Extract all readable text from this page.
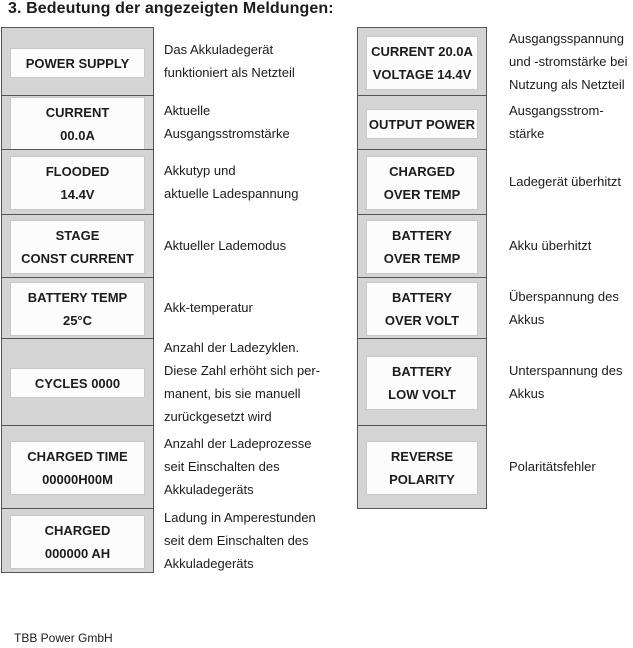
3. Bedeutung der angezeigten Meldungen:
POWER SUPPLY
Das Akkuladegerät
funktioniert als Netzteil
CURRENT
00.0A
Aktuelle
Ausgangsstromstärke
FLOODED
14.4V
Akkutyp und
aktuelle Ladespannung
STAGE
CONST CURRENT
Aktueller Lademodus
BATTERY TEMP
25°C
Akk-temperatur
CYCLES 0000
Anzahl der Ladezyklen.
Diese Zahl erhöht sich per-
manent, bis sie manuell
zurückgesetzt wird
CHARGED TIME
00000H00M
Anzahl der Ladeprozesse
seit Einschalten des
Akkuladegeräts
CHARGED
000000 AH
Ladung in Amperestunden
seit dem Einschalten des
Akkuladegeräts
CURRENT 20.0A
VOLTAGE 14.4V
Ausgangsspannung
und -stromstärke bei
Nutzung als Netzteil
OUTPUT POWER
Ausgangsstrom-
stärke
CHARGED
OVER TEMP
Ladegerät überhitzt
BATTERY
OVER TEMP
Akku überhitzt
BATTERY
OVER VOLT
Überspannung des
Akkus
BATTERY
LOW VOLT
Unterspannung des
Akkus
REVERSE
POLARITY
Polaritätsfehler
TBB Power GmbH
